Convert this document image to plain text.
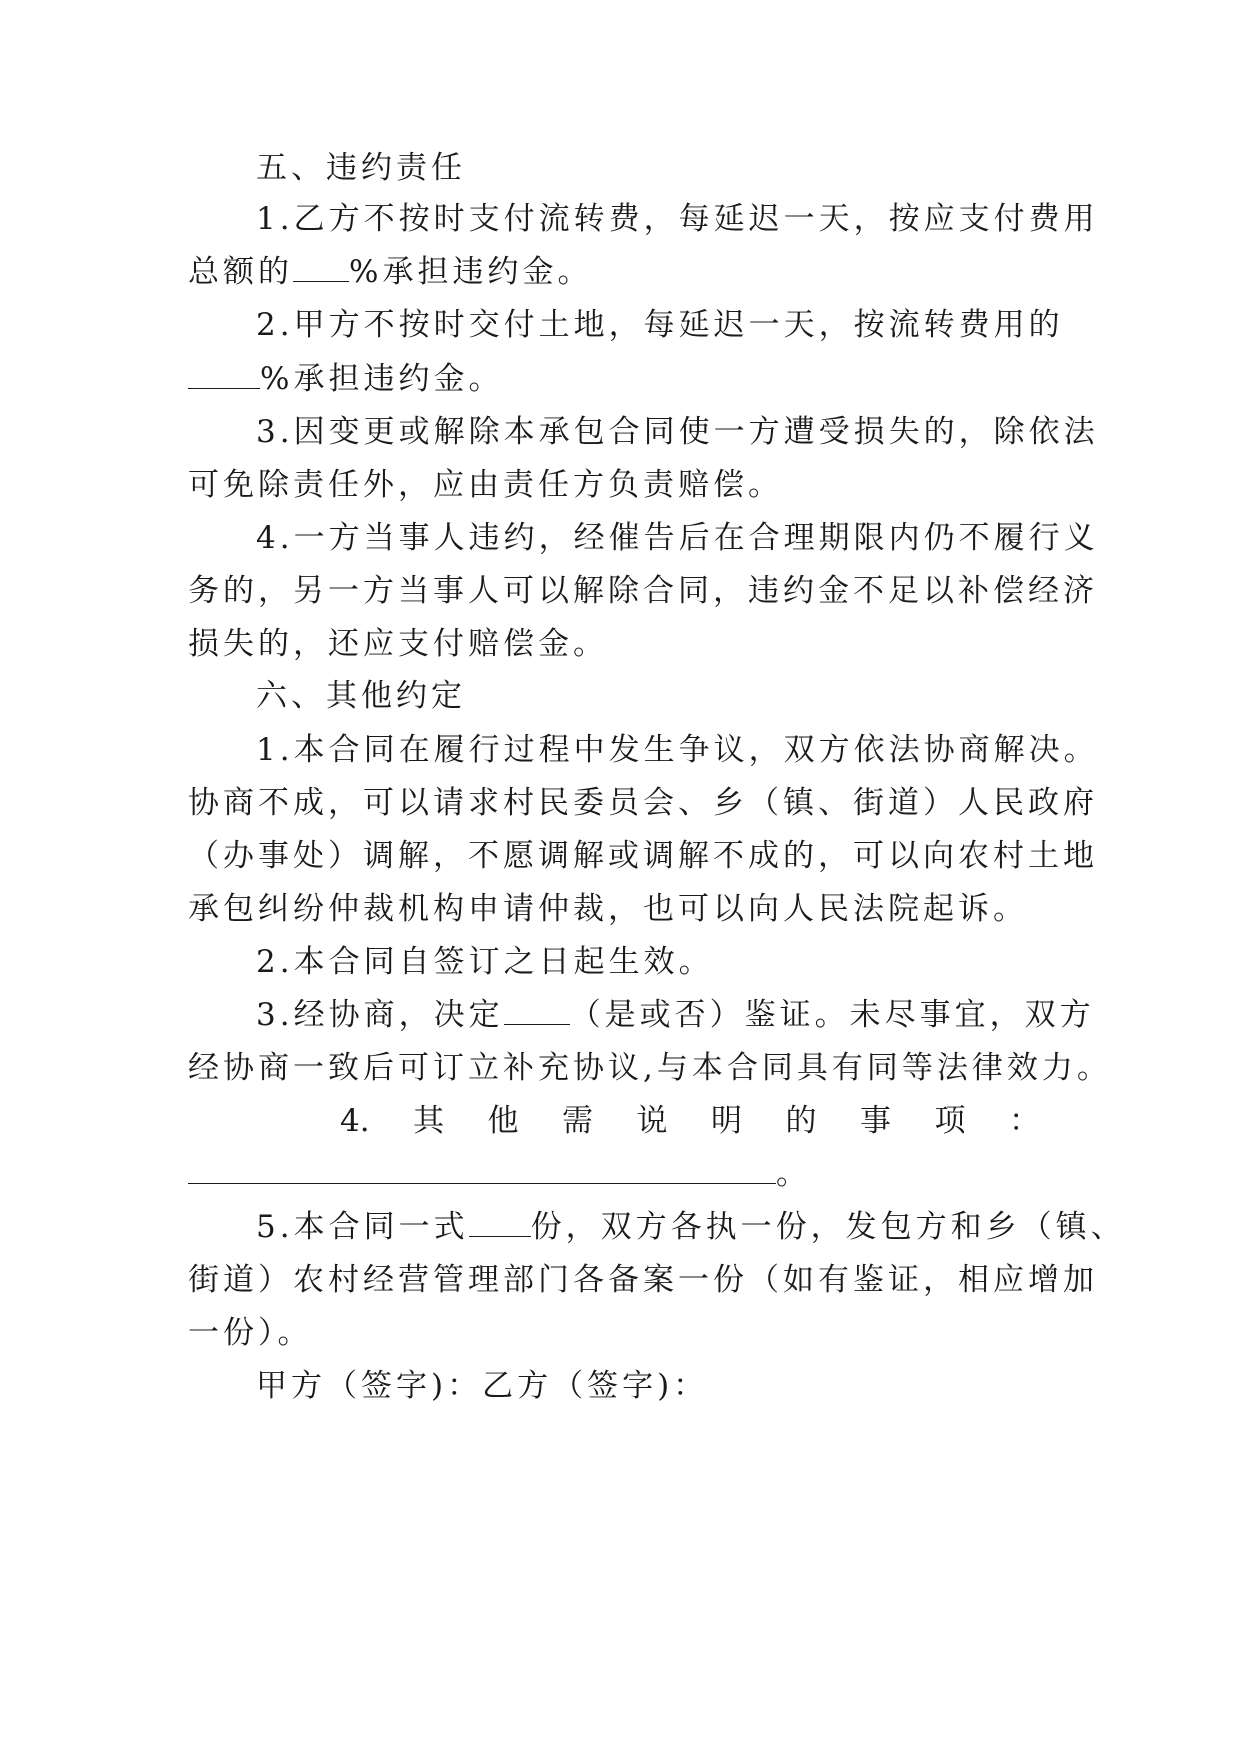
五、违约责任
1.乙方不按时支付流转费，每延迟一天，按应支付费用
总额的 %承担违约金。
2.甲方不按时交付土地，每延迟一天，按流转费用的
%承担违约金。
3.因变更或解除本承包合同使一方遭受损失的，除依法
可免除责任外，应由责任方负责赔偿。
4.一方当事人违约，经催告后在合理期限内仍不履行义
务的，另一方当事人可以解除合同，违约金不足以补偿经济
损失的，还应支付赔偿金。
六、其他约定
1.本合同在履行过程中发生争议，双方依法协商解决。
协商不成，可以请求村民委员会、乡（镇、街道）人民政府
（办事处）调解，不愿调解或调解不成的，可以向农村土地
承包纠纷仲裁机构申请仲裁，也可以向人民法院起诉。
2.本合同自签订之日起生效。
3.经协商，决定 （是或否）鉴证。未尽事宜，双方
经协商一致后可订立补充协议,与本合同具有同等法律效力。
4. 其 他 需 说 明 的 事 项 ：
。
5.本合同一式 份，双方各执一份，发包方和乡（镇、
街道）农村经营管理部门各备案一份（如有鉴证，相应增加
一份）。
甲方（签字)：乙方（签字)：
